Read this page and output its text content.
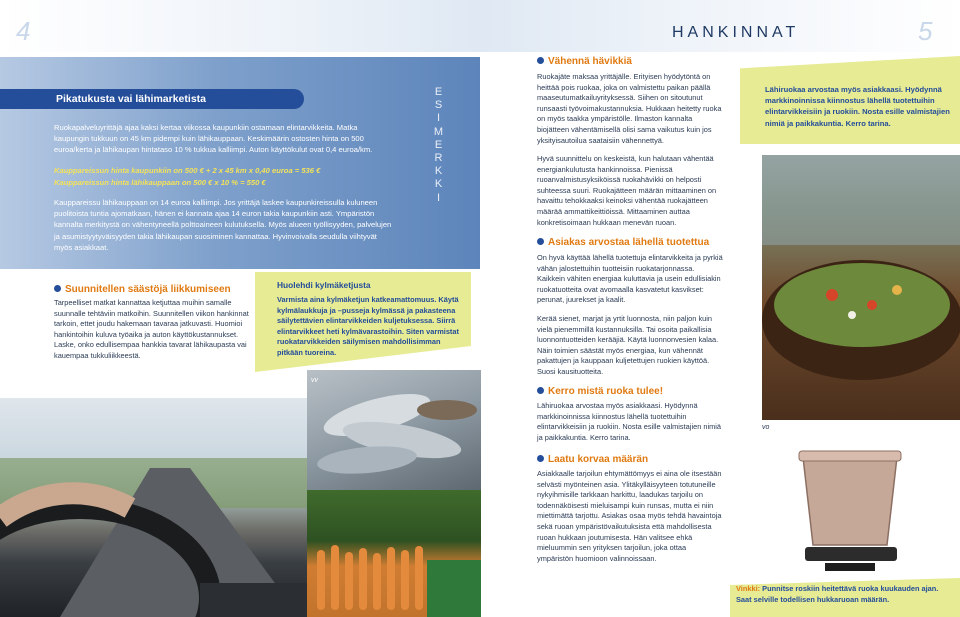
4	5
HANKINNAT
Pikatukusta vai lähimarketista
Ruokapalveluyrittäjä ajaa kaksi kertaa viikossa kaupunkiin ostamaan elintarvikkeita. Matka kaupungin tukkuun on 45 km pidempi kuin lähikauppaan. Keskimäärin ostosten hinta on 500 euroa/kerta ja lähikaupan hintataso 10 % tukkua kalliimpi. Auton käyttökulut ovat 0,4 euroa/km.
Kauppareissun hinta kaupunkiin on 500 € + 2 x 45 km x 0,40 euroa = 536 €
Kauppareissun hinta lähikauppaan on 500 € x 10 % = 550 €
Kauppareissu lähikauppaan on 14 euroa kalliimpi. Jos yrittäjä laskee kaupunkireissulla kuluneen puolitoista tuntia ajomatkaan, hänen ei kannata ajaa 14 euron takia kaupunkiin asti. Ympäristön kannalta merkitystä on vähentyneellä polttoaineen kulutuksella. Myös alueen työllisyyden, palvelujen ja asumistyytyväisyyden takia lähikaupan suosiminen kannattaa. Hyvinvoivalla seudulla viihtyvät myös asiakkaat.
E
S
I
M
E
R
K
K
I
Suunnitellen säästöjä liikkumiseen
Tarpeelliset matkat kannattaa ketjuttaa muihin samalle suunnalle tehtäviin matkoihin. Suunnitellen viikon hankinnat tarkoin, ettet joudu hakemaan tavaraa jatkuvasti. Huomioi hankintoihin kuluva työaika ja auton käyttökustannukset. Laske, onko edullisempaa hankkia tavarat lähikaupasta vai kauempaa tukkuliikkeestä.
Huolehdi kylmäketjusta
Varmista aina kylmäketjun katkeamattomuus. Käytä kylmälaukkuja ja –pusseja kylmässä ja pakasteena säilytettävien elintarvikkeiden kuljetuksessa. Siirrä elintarvikkeet heti kylmävarastoihin. Siten varmistat ruokatarvikkeiden säilymisen mahdollisimman pitkään tuoreina.
vv
Vähennä hävikkiä
Ruokajäte maksaa yrittäjälle. Erityisen hyödytöntä on heittää pois ruokaa, joka on valmistettu paikan päällä maaseutumatkailuyrityksessä. Siihen on sitoutunut runsaasti työvoimakustannuksia. Hukkaan heitetty ruoka on myös taakka ympäristölle. Ilmaston kannalta biojätteen vähentämisellä olisi sama vaikutus kuin jos yksityisautoilua saataisiin vähennettyä.
Hyvä suunnittelu on keskeistä, kun halutaan vähentää energiankulutusta hankinnoissa. Pienissä ruoanvalmistusyksiköissä ruokahävikki on helposti suhteessa suuri. Ruokajätteen määrän mittaaminen on havaittu tehokkaaksi keinoksi vähentää ruokajätteen määrää ammattikeittiöissä. Mittaaminen auttaa konkretisoimaan hukkaan menevän ruoan.
Asiakas arvostaa lähellä tuotettua
On hyvä käyttää lähellä tuotettuja elintarvikkeita ja pyrkiä vähän jalostettuihin tuotteisiin ruokatarjonnassa. Kaikkein vähiten energiaa kuluttavia ja usein edullisiakin ruokatuotteita ovat avomaalla kasvatetut kasvikset: perunat, juurekset ja kaalit.
Kerää sienet, marjat ja yrtit luonnosta, niin paljon kuin vielä pienemmillä kustannuksilla. Tai osoita paikallisia luonnontuotteiden kerääjiä. Käytä luonnonvesien kalaa. Näin toimien säästät myös energiaa, kun vähennät pakattujen ja kauppaan kuljetettujen ruokien käyttöä. Suosi kausituotteita.
Kerro mistä ruoka tulee!
Lähiruokaa arvostaa myös asiakkaasi. Hyödynnä markkinoinnissa kiinnostus lähellä tuotettuihin elintarvikkeisiin ja ruokiin. Nosta esille valmistajien nimiä ja paikkakuntia. Kerro tarina.
Laatu korvaa määrän
Asiakkaalle tarjoilun ehtymättömyys ei aina ole itsestään selvästi myönteinen asia. Ylitäkylläisyyteen totutuneille nykyihmisille tarkkaan harkittu, laadukas tarjoilu on todennäköisesti mieluisampi kuin runsas, mutta ei niin miettimättä tarjottu. Asiakas osaa myös tehdä havaintoja sekä ruoan ympäristövaikutuksista että mahdollisesta ruoan hukkaan joutumisesta. Hän valitsee ehkä mieluummin sen yrityksen tarjoilun, joka ottaa ympäristön huomioon valinnoissaan.
Lähiruokaa arvostaa myös asiakkaasi. Hyödynnä markkinoinnissa kiinnostus lähellä tuotettuihin elintarvikkeisiin ja ruokiin. Nosta esille valmistajien nimiä ja paikkakuntia. Kerro tarina.
vo
Vinkki: Punnitse roskiin heitettävä ruoka kuukauden ajan. Saat selville todellisen hukkaruoan määrän.
